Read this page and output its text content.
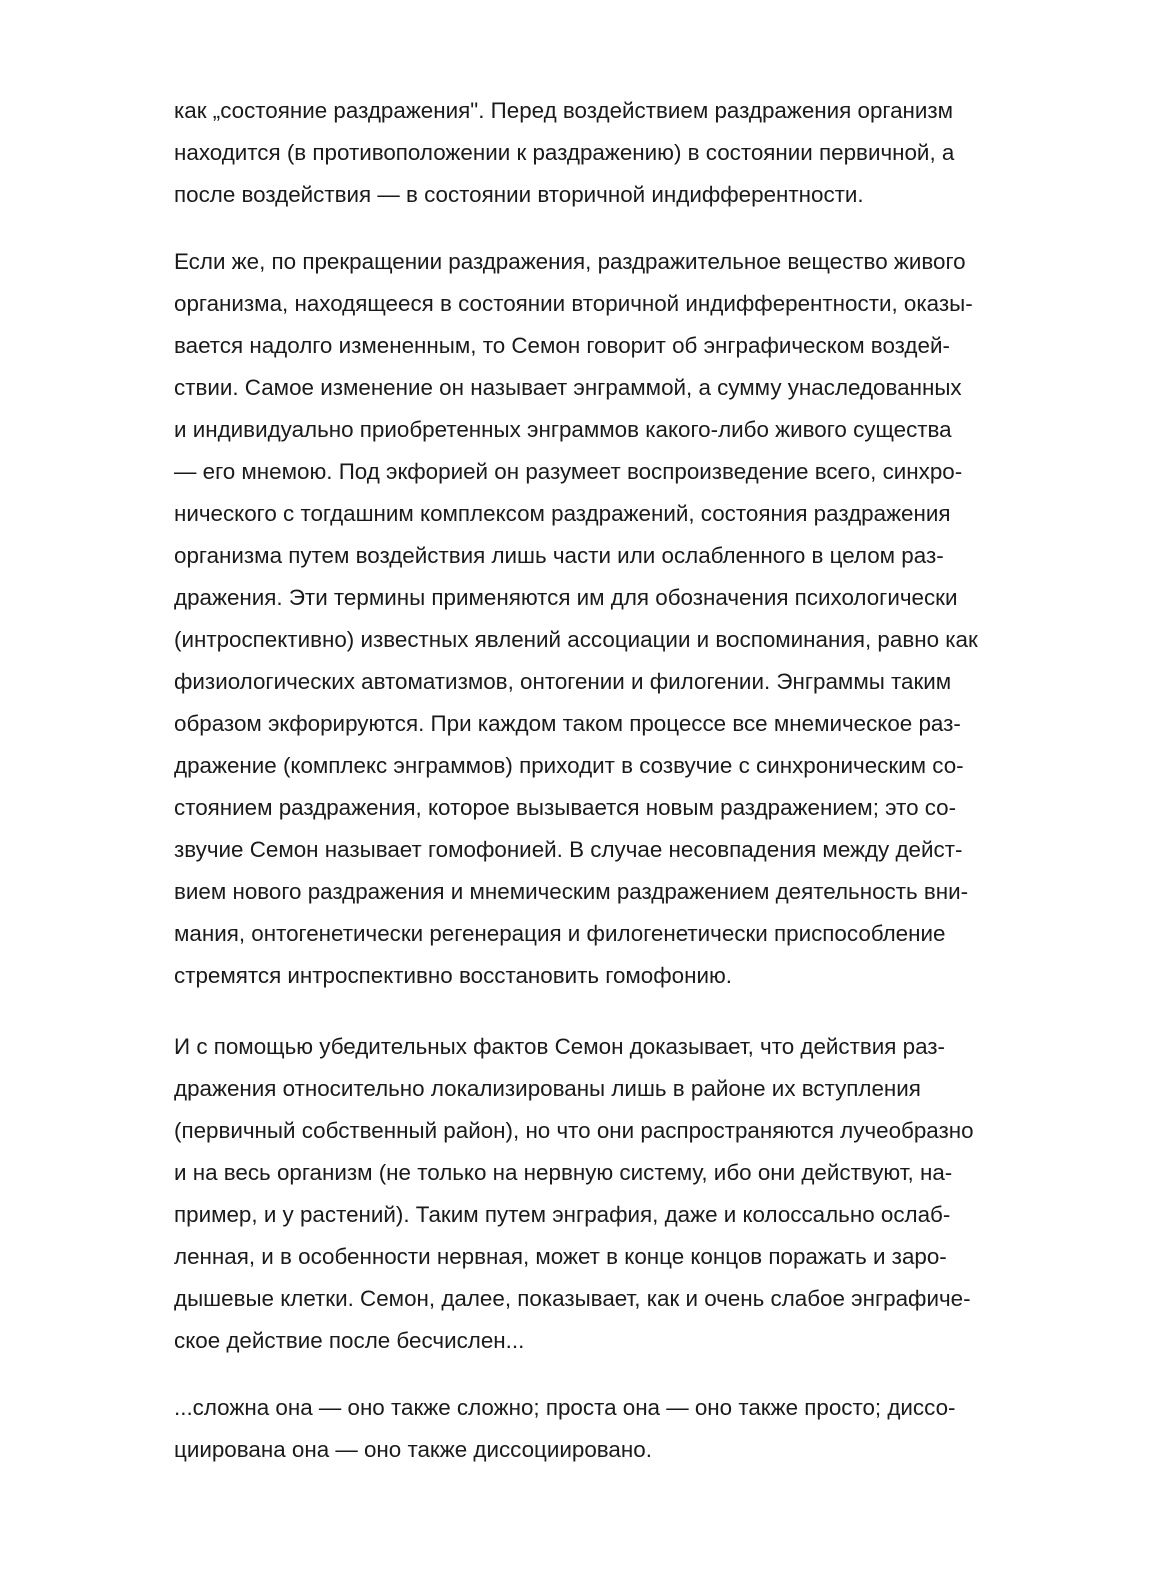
как „состояние раздражения". Перед воздействием раздражения организм
находится (в противоположении к раздражению) в состоянии первичной, а
после воздействия — в состоянии вторичной индифферентности.
Если же, по прекращении раздражения, раздражительное вещество живого
организма, находящееся в состоянии вторичной индифферентности, оказы-
вается надолго измененным, то Семон говорит об энграфическом воздей-
ствии. Самое изменение он называет энграммой, а сумму унаследованных
и индивидуально приобретенных энграммов какого-либо живого существа
— его мнемою. Под экфорией он разумеет воспроизведение всего, синхро-
нического с тогдашним комплексом раздражений, состояния раздражения
организма путем воздействия лишь части или ослабленного в целом раз-
дражения. Эти термины применяются им для обозначения психологически
(интроспективно) известных явлений ассоциации и воспоминания, равно как
физиологических автоматизмов, онтогении и филогении. Энграммы таким
образом экфорируются. При каждом таком процессе все мнемическое раз-
дражение (комплекс энграммов) приходит в созвучие с синхроническим со-
стоянием раздражения, которое вызывается новым раздражением; это со-
звучие Семон называет гомофонией. В случае несовпадения между дейст-
вием нового раздражения и мнемическим раздражением деятельность вни-
мания, онтогенетически регенерация и филогенетически приспособление
стремятся интроспективно восстановить гомофонию.
И с помощью убедительных фактов Семон доказывает, что действия раз-
дражения относительно локализированы лишь в районе их вступления
(первичный собственный район), но что они распространяются лучеобразно
и на весь организм (не только на нервную систему, ибо они действуют, на-
пример, и у растений). Таким путем энграфия, даже и колоссально ослаб-
ленная, и в особенности нервная, может в конце концов поражать и заро-
дышевые клетки. Семон, далее, показывает, как и очень слабое энграфиче-
ское действие после бесчислен...
...сложна она — оно также сложно; проста она — оно также просто; диссо-
циирована она — оно также диссоциировано.
